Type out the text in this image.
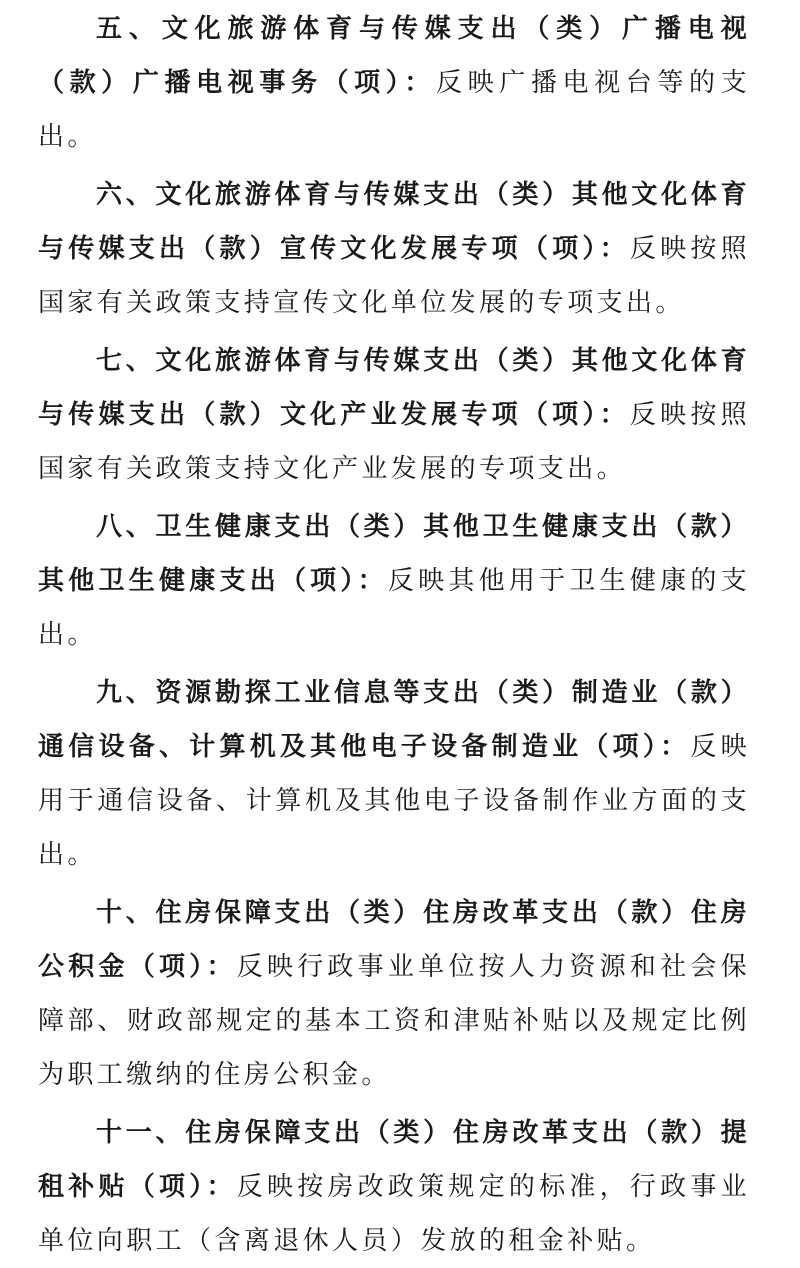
五、文化旅游体育与传媒支出（类）广播电视（款）广播电视事务（项）：反映广播电视台等的支出。

六、文化旅游体育与传媒支出（类）其他文化体育与传媒支出（款）宣传文化发展专项（项）：反映按照国家有关政策支持宣传文化单位发展的专项支出。

七、文化旅游体育与传媒支出（类）其他文化体育与传媒支出（款）文化产业发展专项（项）：反映按照国家有关政策支持文化产业发展的专项支出。

八、卫生健康支出（类）其他卫生健康支出（款）其他卫生健康支出（项）：反映其他用于卫生健康的支出。

九、资源勘探工业信息等支出（类）制造业（款）通信设备、计算机及其他电子设备制造业（项）：反映用于通信设备、计算机及其他电子设备制作业方面的支出。

十、住房保障支出（类）住房改革支出（款）住房公积金（项）：反映行政事业单位按人力资源和社会保障部、财政部规定的基本工资和津贴补贴以及规定比例为职工缴纳的住房公积金。

十一、住房保障支出（类）住房改革支出（款）提租补贴（项）：反映按房改政策规定的标准，行政事业单位向职工（含离退休人员）发放的租金补贴。
